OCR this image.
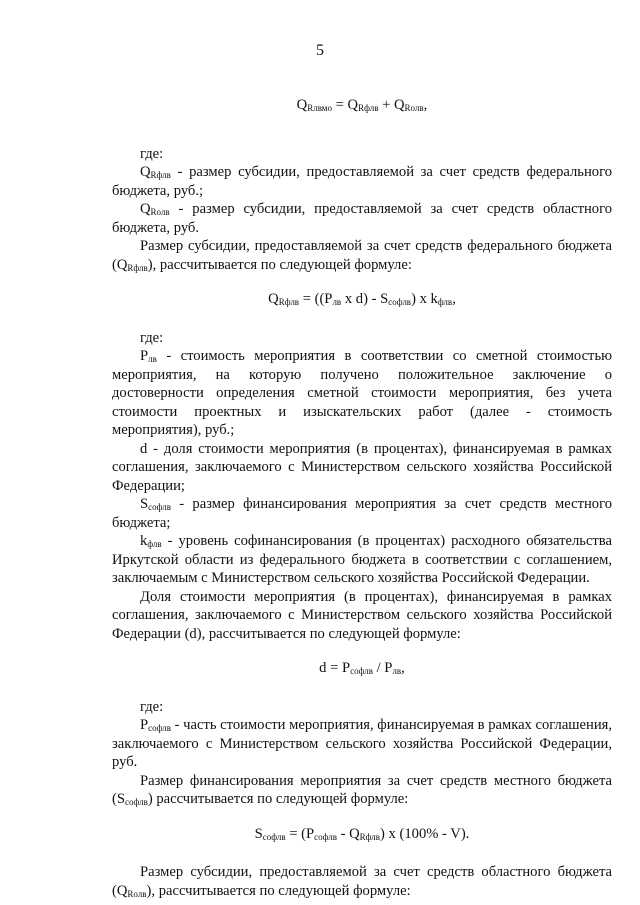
5

$Q_{Rлвмо} = Q_{Rфлв} + Q_{Rолв}$,

где:

$Q_{Rфлв}$ - размер субсидии, предоставляемой за счет средств федерального бюджета, руб.;

$Q_{Rолв}$ - размер субсидии, предоставляемой за счет средств областного бюджета, руб.

Размер субсидии, предоставляемой за счет средств федерального бюджета $(Q_{Rфлв})$, рассчитывается по следующей формуле:

$Q_{Rфлв} = ((P_{лв}$ x $d) - S_{софлв}$) x $k_{флв}$,

где:

$P_{лв}$ - стоимость мероприятия в соответствии со сметной стоимостью мероприятия, на которую получено положительное заключение о достоверности определения сметной стоимости мероприятия, без учета стоимости проектных и изыскательских работ (далее - стоимость мероприятия), руб.;

d - доля стоимости мероприятия (в процентах), финансируемая в рамках соглашения, заключаемого с Министерством сельского хозяйства Российской Федерации;

$S_{софлв}$ - размер финансирования мероприятия за счет средств местного бюджета;

$k_{флв}$ - уровень софинансирования (в процентах) расходного обязательства Иркутской области из федерального бюджета в соответствии с соглашением, заключаемым с Министерством сельского хозяйства Российской Федерации.

Доля стоимости мероприятия (в процентах), финансируемая в рамках соглашения, заключаемого с Министерством сельского хозяйства Российской Федерации (d), рассчитывается по следующей формуле:

$d = P_{софлв} / P_{лв}$,

где:

$P_{софлв}$ - часть стоимости мероприятия, финансируемая в рамках соглашения, заключаемого с Министерством сельского хозяйства Российской Федерации, руб.

Размер финансирования мероприятия за счет средств местного бюджета $(S_{софлв})$ рассчитывается по следующей формуле:

$S_{софлв} = (P_{софлв} - Q_{Rфлв})$ x (100% - V).

Размер субсидии, предоставляемой за счет средств областного бюджета $(Q_{Rолв})$, рассчитывается по следующей формуле:
